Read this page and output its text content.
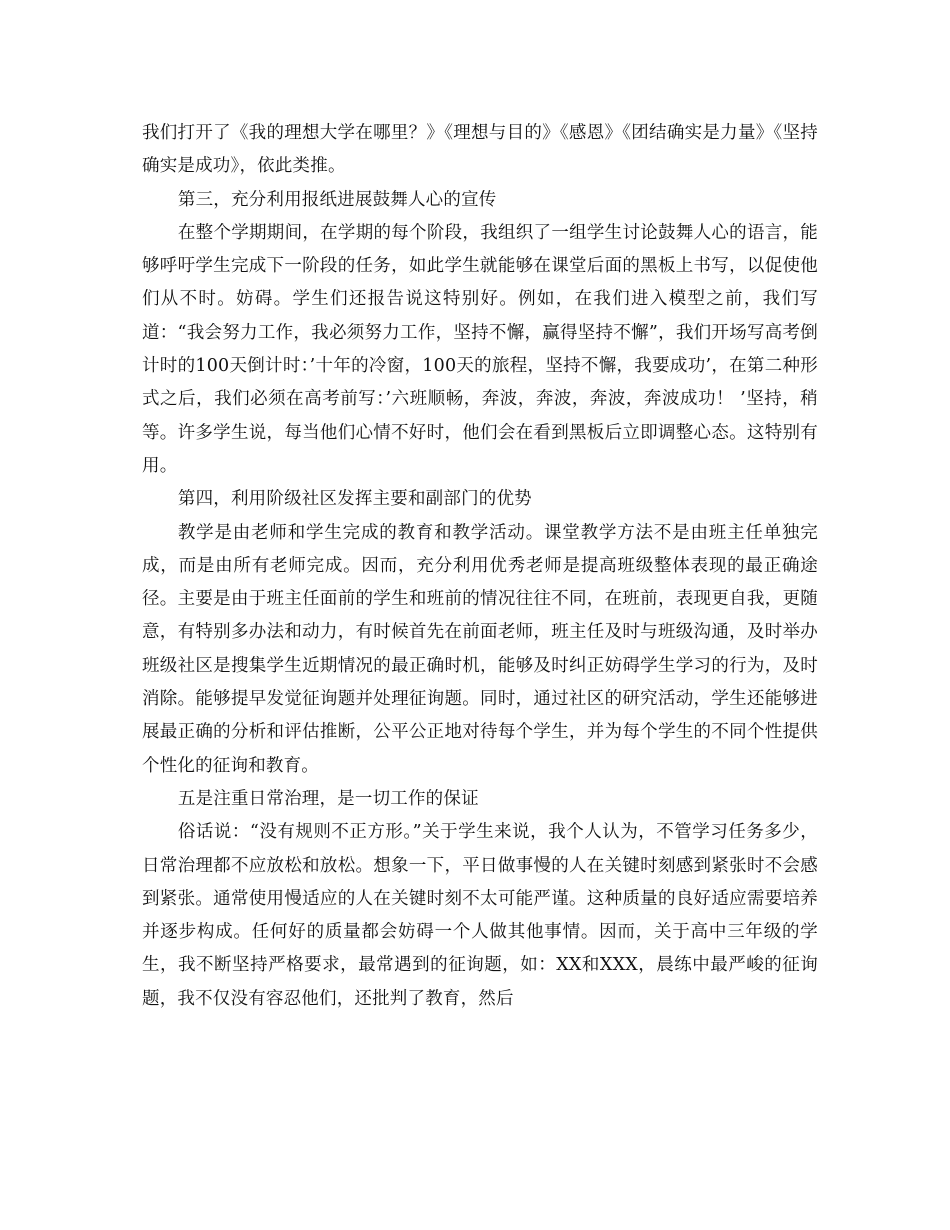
我们打开了《我的理想大学在哪里？》《理想与目的》《感恩》《团结确实是力量》《坚持确实是成功》，依此类推。

第三，充分利用报纸进展鼓舞人心的宣传

在整个学期期间，在学期的每个阶段，我组织了一组学生讨论鼓舞人心的语言，能够呼吁学生完成下一阶段的任务，如此学生就能够在课堂后面的黑板上书写，以促使他们从不时。妨碍。学生们还报告说这特别好。例如，在我们进入模型之前，我们写道：“我会努力工作，我必须努力工作，坚持不懈，赢得坚持不懈”，我们开场写高考倒计时的100天倒计时：’十年的冷窗，100天的旅程，坚持不懈，我要成功’，在第二种形式之后，我们必须在高考前写：’六班顺畅，奔波，奔波，奔波，奔波成功！ ’坚持，稍等。许多学生说，每当他们心情不好时，他们会在看到黑板后立即调整心态。这特别有用。

第四，利用阶级社区发挥主要和副部门的优势

教学是由老师和学生完成的教育和教学活动。课堂教学方法不是由班主任单独完成，而是由所有老师完成。因而，充分利用优秀老师是提高班级整体表现的最正确途径。主要是由于班主任面前的学生和班前的情况往往不同，在班前，表现更自我，更随意，有特别多办法和动力，有时候首先在前面老师，班主任及时与班级沟通，及时举办班级社区是搜集学生近期情况的最正确时机，能够及时纠正妨碍学生学习的行为，及时消除。能够提早发觉征询题并处理征询题。同时，通过社区的研究活动，学生还能够进展最正确的分析和评估推断，公平公正地对待每个学生，并为每个学生的不同个性提供个性化的征询和教育。

五是注重日常治理，是一切工作的保证

俗话说：“没有规则不正方形。”关于学生来说，我个人认为，不管学习任务多少，日常治理都不应放松和放松。想象一下，平日做事慢的人在关键时刻感到紧张时不会感到紧张。通常使用慢适应的人在关键时刻不太可能严谨。这种质量的良好适应需要培养并逐步构成。任何好的质量都会妨碍一个人做其他事情。因而，关于高中三年级的学生，我不断坚持严格要求，最常遇到的征询题，如：XX和XXX，晨练中最严峻的征询题，我不仅没有容忍他们，还批判了教育，然后
